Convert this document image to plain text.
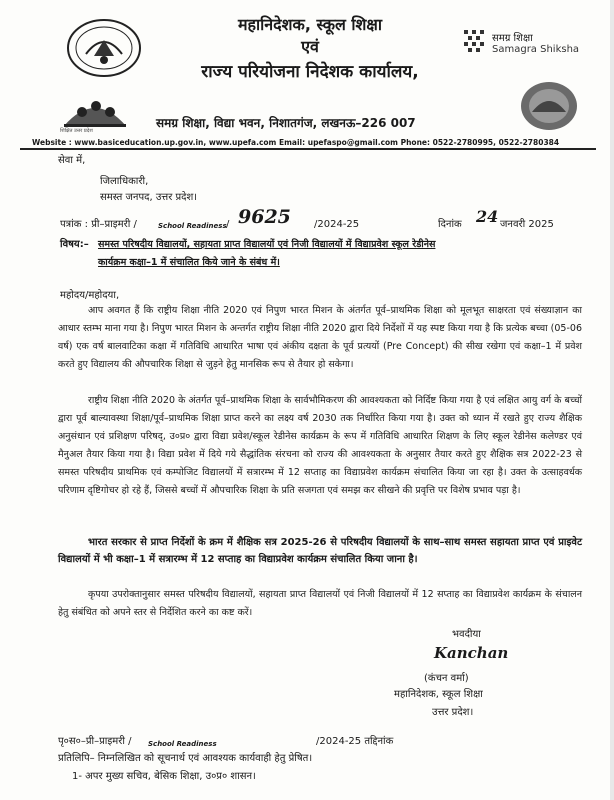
महानिदेशक, स्कूल शिक्षा
एवं
राज्य परियोजना निदेशक कार्यालय,
समग्र शिक्षा
Samagra Shiksha
शिक्षित उत्तर प्रदेश
समग्र शिक्षा, विद्या भवन, निशातगंज, लखनऊ–226 007
Website : www.basiceducation.up.gov.in, www.upefa.com Email: upefaspo@gmail.com Phone: 0522-2780995, 0522-2780384
सेवा में,
जिलाधिकारी,
समस्त जनपद, उत्तर प्रदेश।
पत्रांक : प्री–प्राइमरी /	School Readiness / 9625 /2024-25	दिनांक 24 जनवरी 2025
विषय:– समस्त परिषदीय विद्यालयों, सहायता प्राप्त विद्यालयों एवं निजी विद्यालयों में विद्याप्रवेश स्कूल रेडीनेस
कार्यक्रम कक्षा–1 में संचालित किये जाने के संबंध में।
महोदय/महोदया,
आप अवगत हैं कि राष्ट्रीय शिक्षा नीति 2020 एवं निपुण भारत मिशन के अंतर्गत पूर्व–प्राथमिक शिक्षा को मूलभूत साक्षरता एवं संख्याज्ञान का आधार स्तम्भ माना गया है। निपुण भारत मिशन के अन्तर्गत राष्ट्रीय शिक्षा नीति 2020 द्वारा दिये निर्देशों में यह स्पष्ट किया गया है कि प्रत्येक बच्चा (05-06 वर्ष) एक वर्ष बालवाटिका कक्षा में गतिविधि आधारित भाषा एवं अंकीय दक्षता के पूर्व प्रत्ययों (Pre Concept) की सीख रखेगा एवं कक्षा–1 में प्रवेश करते हुए विद्यालय की औपचारिक शिक्षा से जुड़ने हेतु मानसिक रूप से तैयार हो सकेगा।
राष्ट्रीय शिक्षा नीति 2020 के अंतर्गत पूर्व–प्राथमिक शिक्षा के सार्वभौमिकरण की आवश्यकता को निर्दिष्ट किया गया है एवं लक्षित आयु वर्ग के बच्चों द्वारा पूर्व बाल्यावस्था शिक्षा/पूर्व–प्राथमिक शिक्षा प्राप्त करने का लक्ष्य वर्ष 2030 तक निर्धारित किया गया है। उक्त को ध्यान में रखते हुए राज्य शैक्षिक अनुसंधान एवं प्रशिक्षण परिषद्, उ०प्र० द्वारा विद्या प्रवेश/स्कूल रेडीनेस कार्यक्रम के रूप में गतिविधि आधारित शिक्षण के लिए स्कूल रेडीनेस कलेण्डर एवं मैनुअल तैयार किया गया है। विद्या प्रवेश में दिये गये सैद्धांतिक संरचना को राज्य की आवश्यकता के अनुसार तैयार करते हुए शैक्षिक सत्र 2022-23 से समस्त परिषदीय प्राथमिक एवं कम्पोजिट विद्यालयों में सत्रारम्भ में 12 सप्ताह का विद्याप्रवेश कार्यक्रम संचालित किया जा रहा है। उक्त के उत्साहवर्धक परिणाम दृष्टिगोचर हो रहे हैं, जिससे बच्चों में औपचारिक शिक्षा के प्रति सजगता एवं समझ कर सीखने की प्रवृत्ति पर विशेष प्रभाव पड़ा है।
भारत सरकार से प्राप्त निर्देशों के क्रम में शैक्षिक सत्र 2025-26 से परिषदीय विद्यालयों के साथ–साथ समस्त सहायता प्राप्त एवं प्राइवेट विद्यालयों में भी कक्षा–1 में सत्रारम्भ में 12 सप्ताह का विद्याप्रवेश कार्यक्रम संचालित किया जाना है।
कृपया उपरोक्तानुसार समस्त परिषदीय विद्यालयों, सहायता प्राप्त विद्यालयों एवं निजी विद्यालयों में 12 सप्ताह का विद्याप्रवेश कार्यक्रम के संचालन हेतु संबंधित को अपने स्तर से निर्देशित करने का कष्ट करें।
भवदीया
Kanchan
(कंचन वर्मा)
महानिदेशक, स्कूल शिक्षा
उत्तर प्रदेश।
पृ०स०–प्री–प्राइमरी / School Readiness	/2024-25 तद्दिनांक
प्रतिलिपि– निम्नलिखित को सूचनार्थ एवं आवश्यक कार्यवाही हेतु प्रेषित।
1- अपर मुख्य सचिव, बेसिक शिक्षा, उ०प्र० शासन।
